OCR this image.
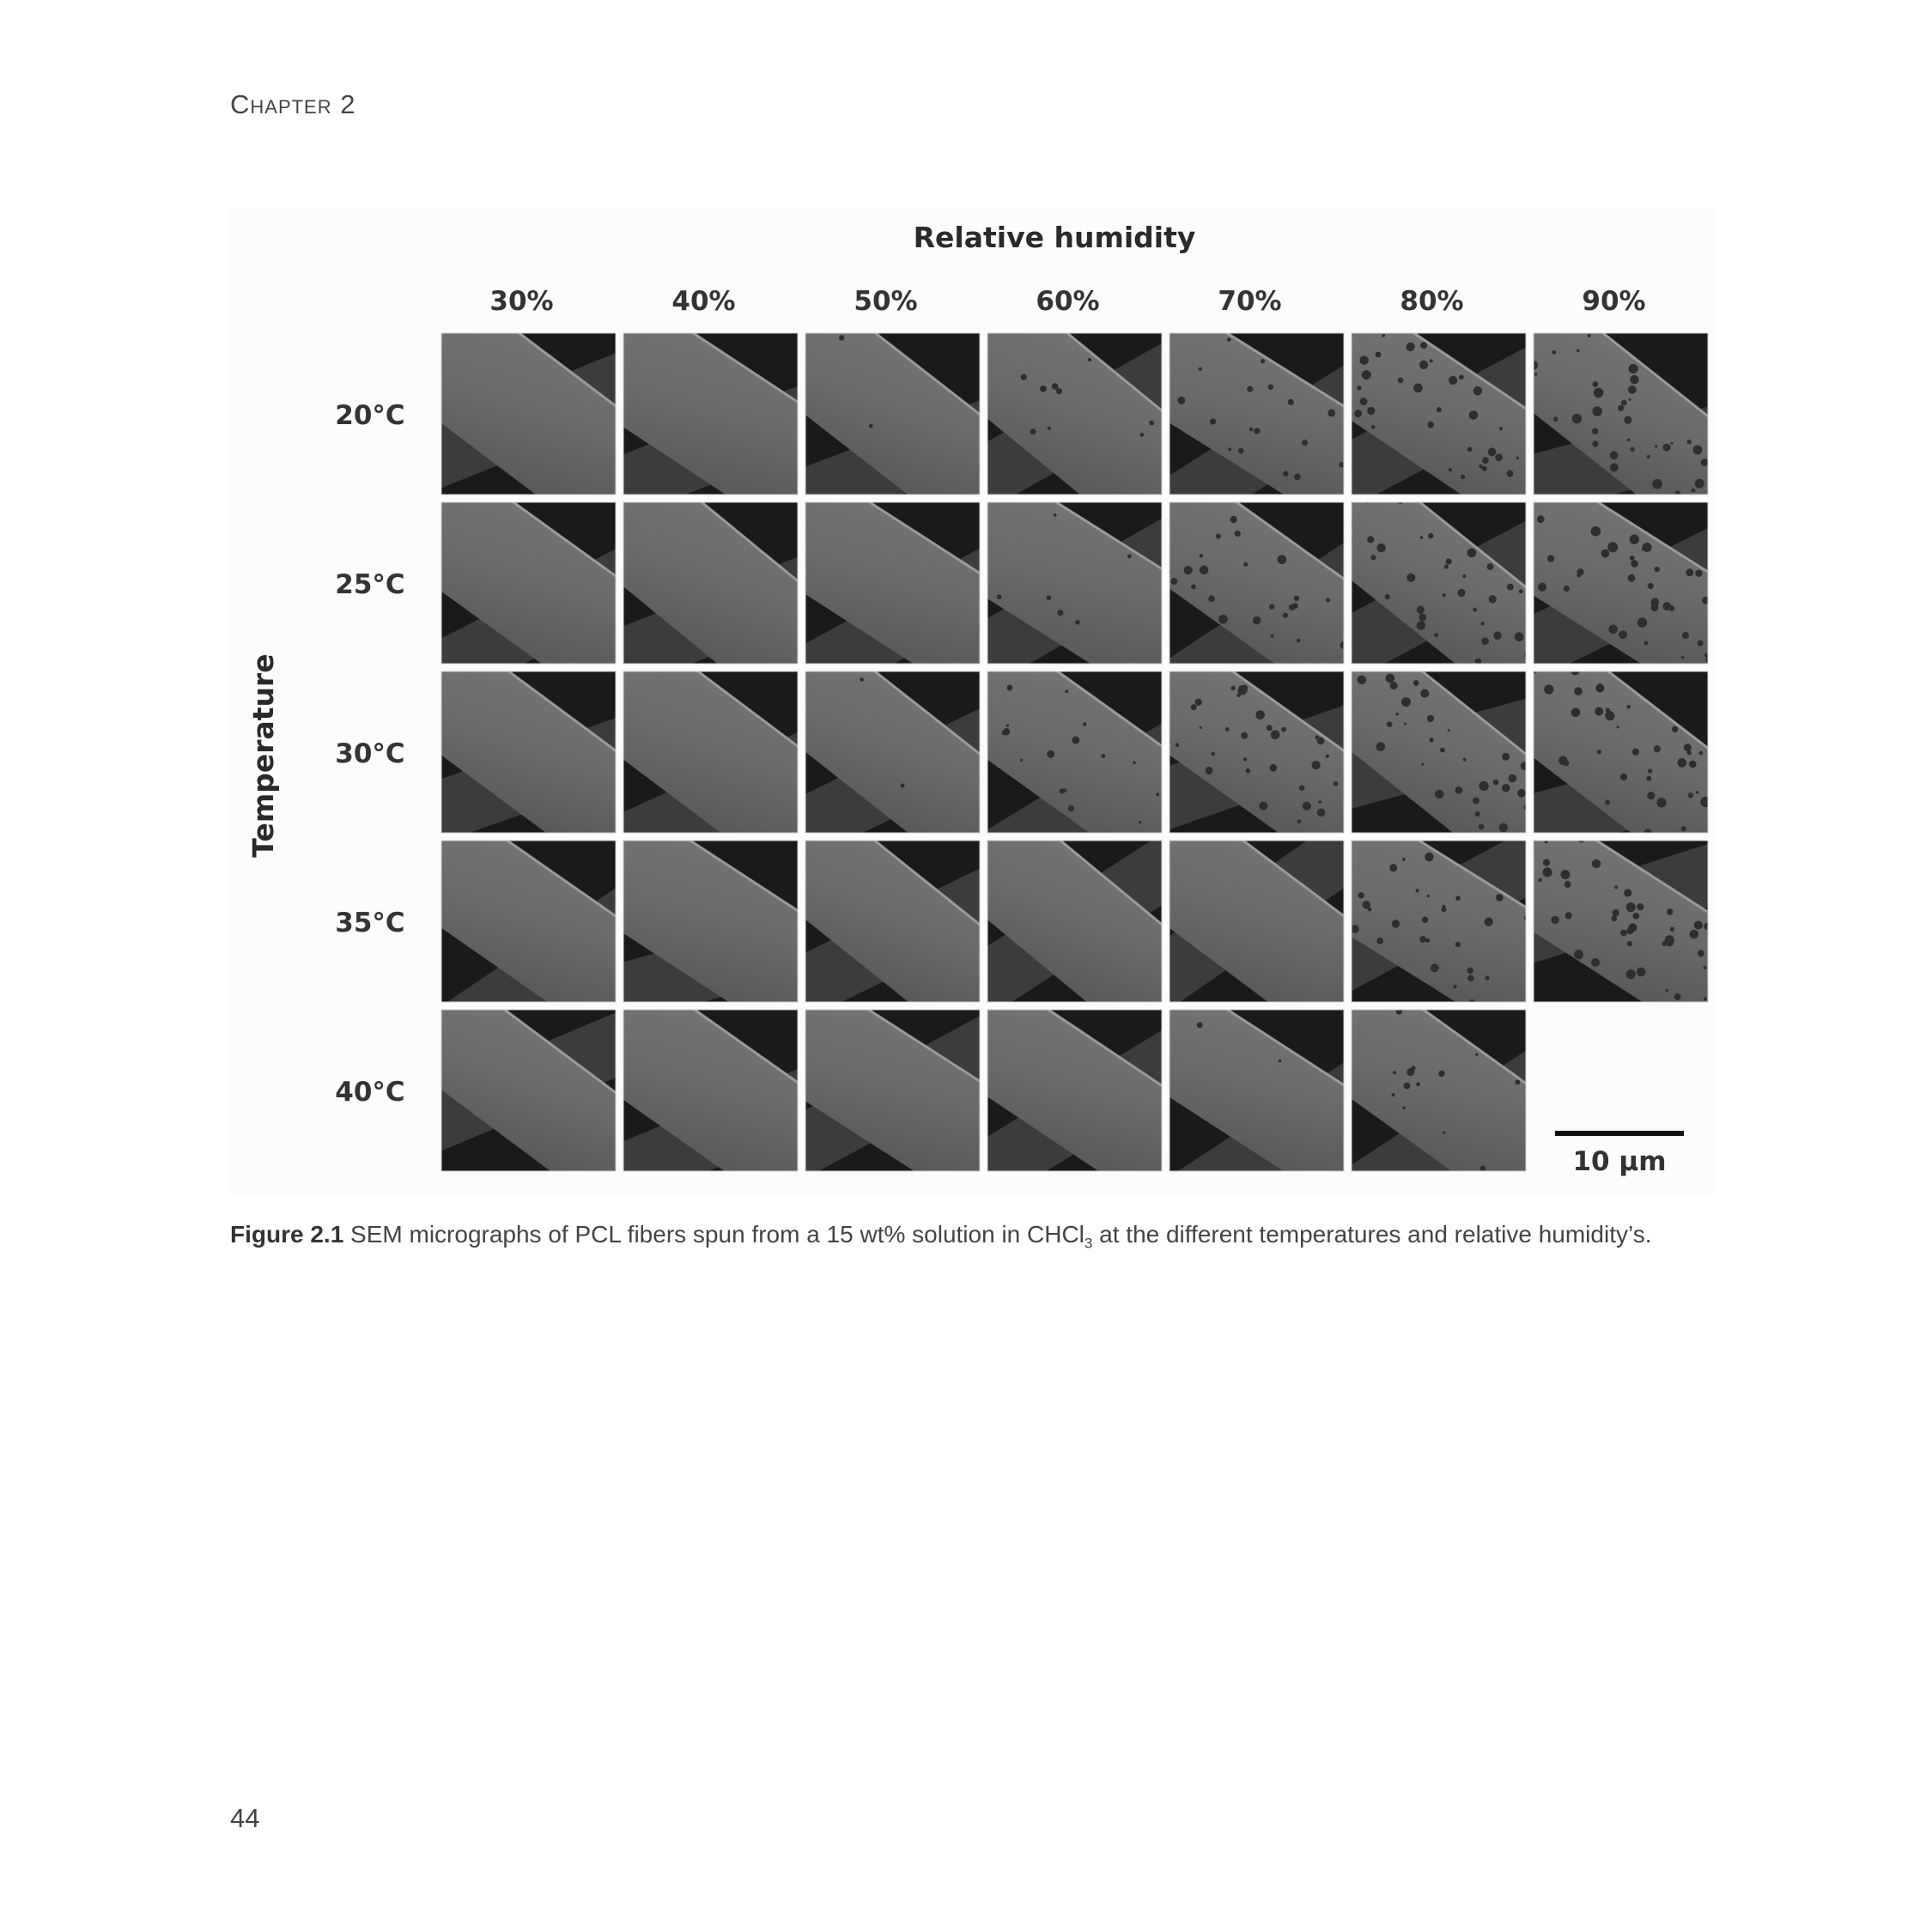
Chapter 2
Relative humidity
30%	40%	50%	60%	70%	80%	90%
20°C
25°C
30°C
35°C
40°C
Temperature
10 µm
Figure 2.1 SEM micrographs of PCL fibers spun from a 15 wt% solution in CHCl$_3$ at the different temperatures and relative humidity’s.
44
